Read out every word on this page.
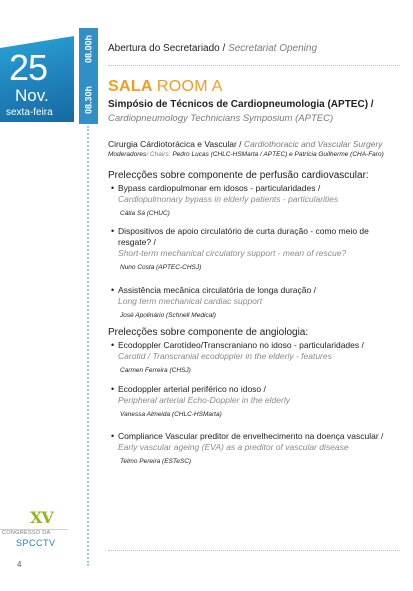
25
Nov.
sexta-feira
08.00h
08.30h
Abertura do Secretariado / Secretariat Opening
SALA ROOM A
Simpósio de Técnicos de Cardiopneumologia (APTEC) /
Cardiopneumology Technicians Symposium (APTEC)
Cirurgia Cárdiotorácica e Vascular / Cardiothoracic and Vascular Surgery
Moderadores/ Chairs: Pedro Lucas (CHLC-HSMarta / APTEC) e Patrícia Guilherme (CHA-Faro)
Prelecções sobre componente de perfusão cardiovascular:
Prelecções sobre componente de angiologia:
• Bypass cardiopulmonar em idosos - particularidades /
Cardiopulmonary bypass in elderly patients - particularities
Cátia Sá (CHUC)
• Dispositivos de apoio circulatório de curta duração - como meio de resgate? /
Short-term mechanical circulatory support - mean of rescue?
Nuno Costa (APTEC-CHSJ)
• Assistência mecânica circulatória de longa duração /
Long term mechanical cardiac support
José Apolinário (Schnell Medical)
• Ecodoppler Carotídeo/Transcraniano no idoso - particularidades /
Carotid / Transcranial ecodoppler in the elderly - features
Carmen Ferreira (CHSJ)
• Ecodoppler arterial periférico no idoso /
Peripheral arterial Echo-Doppler in the elderly
Vanessa Almeida (CHLC-HSMarta)
• Compliance Vascular preditor de envelhecimento na doença vascular /
Early vascular ageing (EVA) as a preditor of vascular disease
Telmo Pereira (ESTeSC)
XV
CONGRESSO DA
SPCCTV
4
